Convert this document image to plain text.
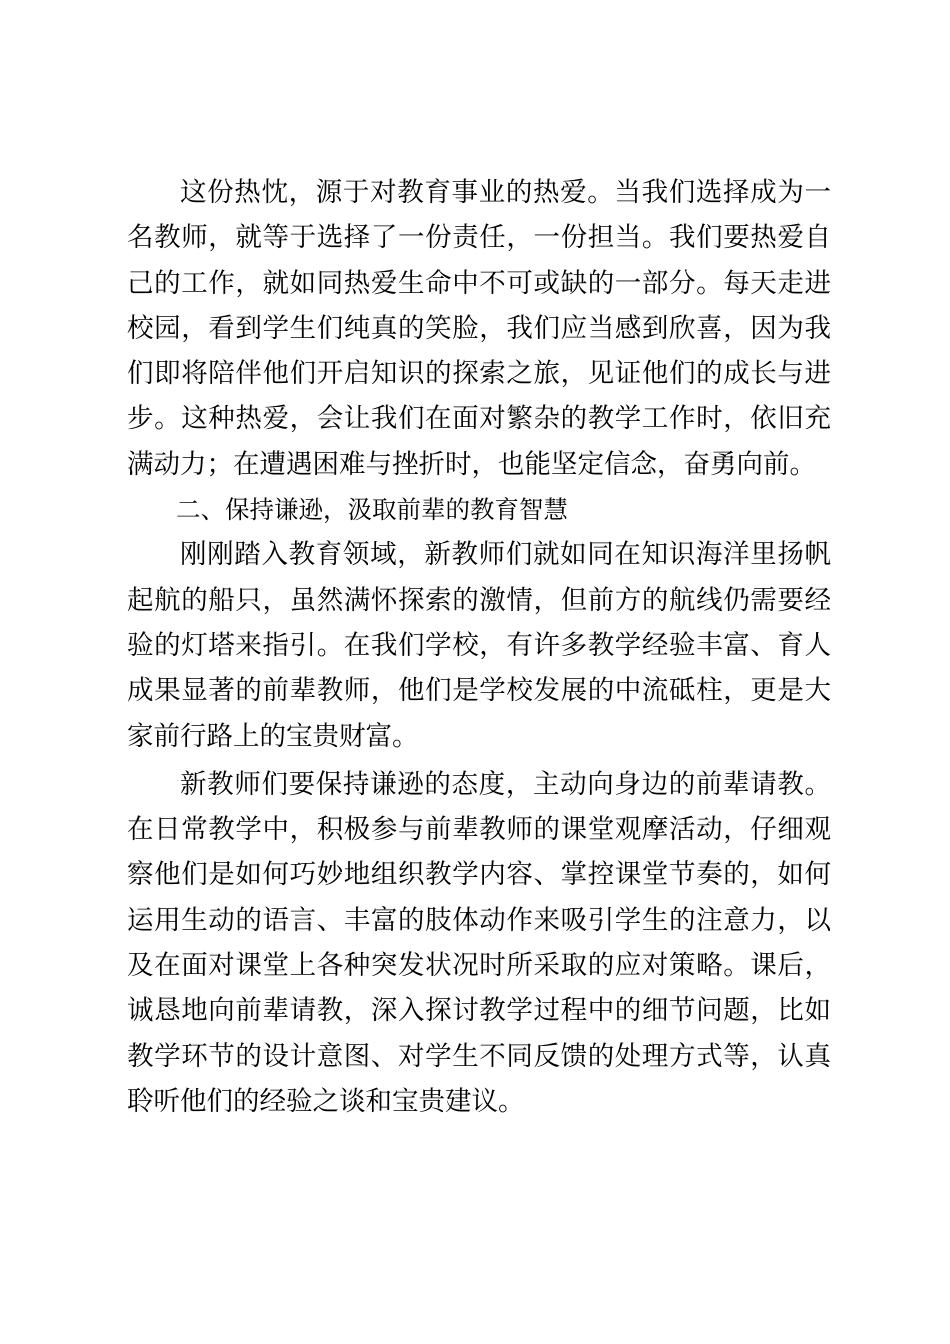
这份热忱，源于对教育事业的热爱。当我们选择成为一名教师，就等于选择了一份责任，一份担当。我们要热爱自己的工作，就如同热爱生命中不可或缺的一部分。每天走进校园，看到学生们纯真的笑脸，我们应当感到欣喜，因为我们即将陪伴他们开启知识的探索之旅，见证他们的成长与进步。这种热爱，会让我们在面对繁杂的教学工作时，依旧充满动力；在遭遇困难与挫折时，也能坚定信念，奋勇向前。

二、保持谦逊，汲取前辈的教育智慧

刚刚踏入教育领域，新教师们就如同在知识海洋里扬帆起航的船只，虽然满怀探索的激情，但前方的航线仍需要经验的灯塔来指引。在我们学校，有许多教学经验丰富、育人成果显著的前辈教师，他们是学校发展的中流砥柱，更是大家前行路上的宝贵财富。

新教师们要保持谦逊的态度，主动向身边的前辈请教。在日常教学中，积极参与前辈教师的课堂观摩活动，仔细观察他们是如何巧妙地组织教学内容、掌控课堂节奏的，如何运用生动的语言、丰富的肢体动作来吸引学生的注意力，以及在面对课堂上各种突发状况时所采取的应对策略。课后，诚恳地向前辈请教，深入探讨教学过程中的细节问题，比如教学环节的设计意图、对学生不同反馈的处理方式等，认真聆听他们的经验之谈和宝贵建议。
